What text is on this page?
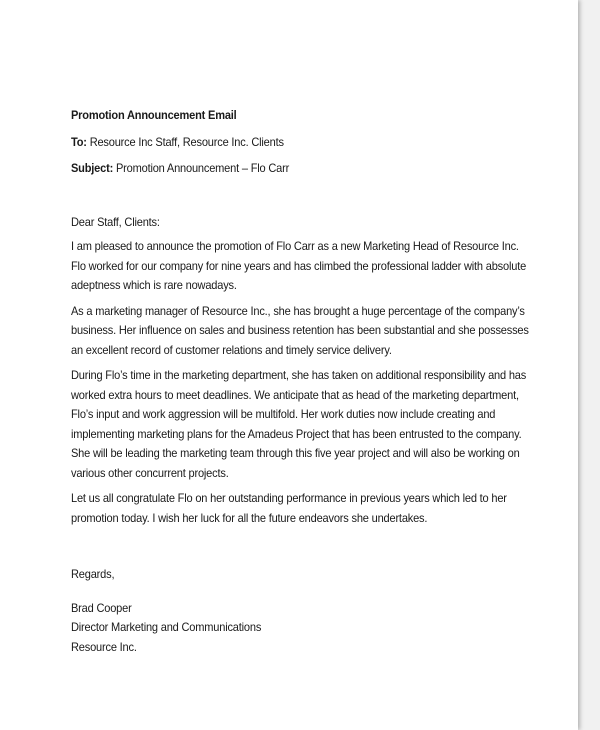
Promotion Announcement Email

To: Resource Inc Staff, Resource Inc. Clients

Subject: Promotion Announcement – Flo Carr

Dear Staff, Clients:

I am pleased to announce the promotion of Flo Carr as a new Marketing Head of Resource Inc. Flo worked for our company for nine years and has climbed the professional ladder with absolute adeptness which is rare nowadays.

As a marketing manager of Resource Inc., she has brought a huge percentage of the company’s business. Her influence on sales and business retention has been substantial and she possesses an excellent record of customer relations and timely service delivery.

During Flo’s time in the marketing department, she has taken on additional responsibility and has worked extra hours to meet deadlines. We anticipate that as head of the marketing department, Flo’s input and work aggression will be multifold. Her work duties now include creating and implementing marketing plans for the Amadeus Project that has been entrusted to the company. She will be leading the marketing team through this five year project and will also be working on various other concurrent projects.

Let us all congratulate Flo on her outstanding performance in previous years which led to her promotion today. I wish her luck for all the future endeavors she undertakes.

Regards,

Brad Cooper
Director Marketing and Communications
Resource Inc.
